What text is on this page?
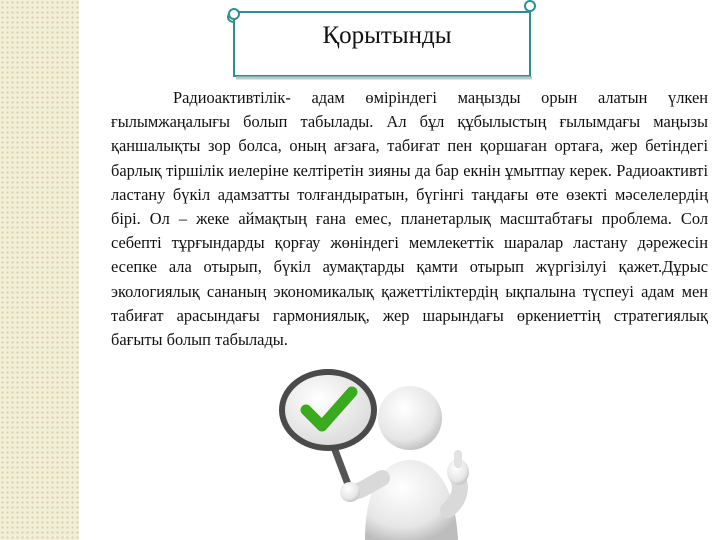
Қорытынды

Радиоактивтілік- адам өміріндегі маңызды орын алатын үлкен ғылымжаңалығы болып табылады. Ал бұл құбылыстың ғылымдағы маңызы қаншалықты зор болса, оның ағзаға, табиғат пен қоршаған ортаға, жер бетіндегі барлық тіршілік иелеріне келтіретін зияны да бар екнін ұмытпау керек. Радиоактивті ластану бүкіл адамзатты толғандыратын, бүгінгі таңдағы өте өзекті мәселелердің бірі. Ол – жеке аймақтың ғана емес, планетарлық масштабтағы проблема. Сол себепті тұрғындарды қорғау жөніндегі мемлекеттік шаралар ластану дәрежесін есепке ала отырып, бүкіл аумақтарды қамти отырып жүргізілуі қажет.Дұрыс экологиялық сананың экономикалық қажеттіліктердің ықпалына түспеуі адам мен табиғат арасындағы гармониялық, жер шарындағы өркениеттің стратегиялық бағыты болып табылады.
